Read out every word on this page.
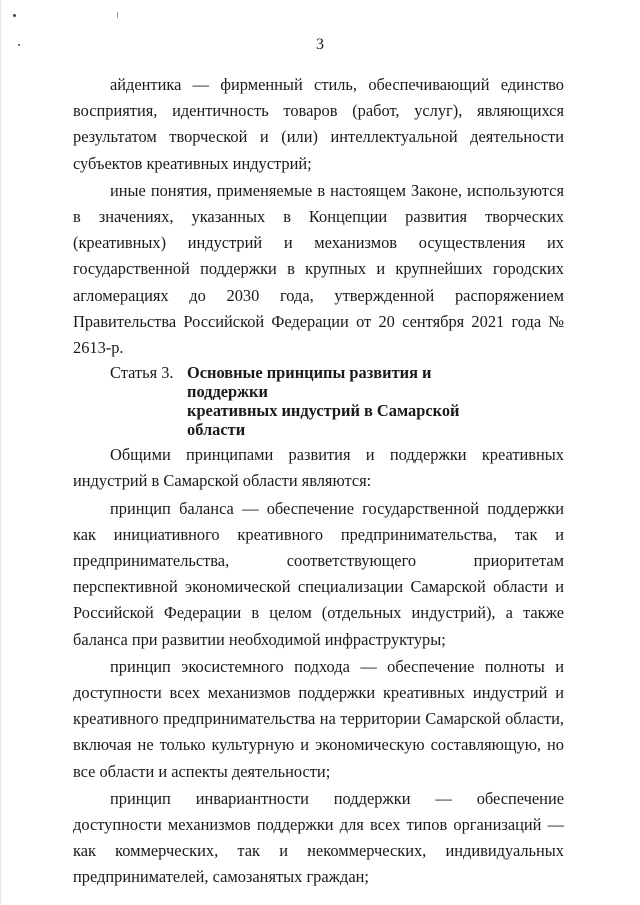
3

айдентика — фирменный стиль, обеспечивающий единство восприятия, идентичность товаров (работ, услуг), являющихся результатом творческой и (или) интеллектуальной деятельности субъектов креативных индустрий;

иные понятия, применяемые в настоящем Законе, используются в значениях, указанных в Концепции развития творческих (креативных) индустрий и механизмов осуществления их государственной поддержки в крупных и крупнейших городских агломерациях до 2030 года, утвержденной распоряжением Правительства Российской Федерации от 20 сентября 2021 года № 2613-р.

Статья 3. Основные принципы развития и поддержки
креативных индустрий в Самарской области

Общими принципами развития и поддержки креативных индустрий в Самарской области являются:

принцип баланса — обеспечение государственной поддержки как инициативного креативного предпринимательства, так и предпринимательства, соответствующего приоритетам перспективной экономической специализации Самарской области и Российской Федерации в целом (отдельных индустрий), а также баланса при развитии необходимой инфраструктуры;

принцип экосистемного подхода — обеспечение полноты и доступности всех механизмов поддержки креативных индустрий и креативного предпринимательства на территории Самарской области, включая не только культурную и экономическую составляющую, но все области и аспекты деятельности;

принцип инвариантности поддержки — обеспечение доступности механизмов поддержки для всех типов организаций — как коммерческих, так и некоммерческих, индивидуальных предпринимателей, самозанятых граждан;
